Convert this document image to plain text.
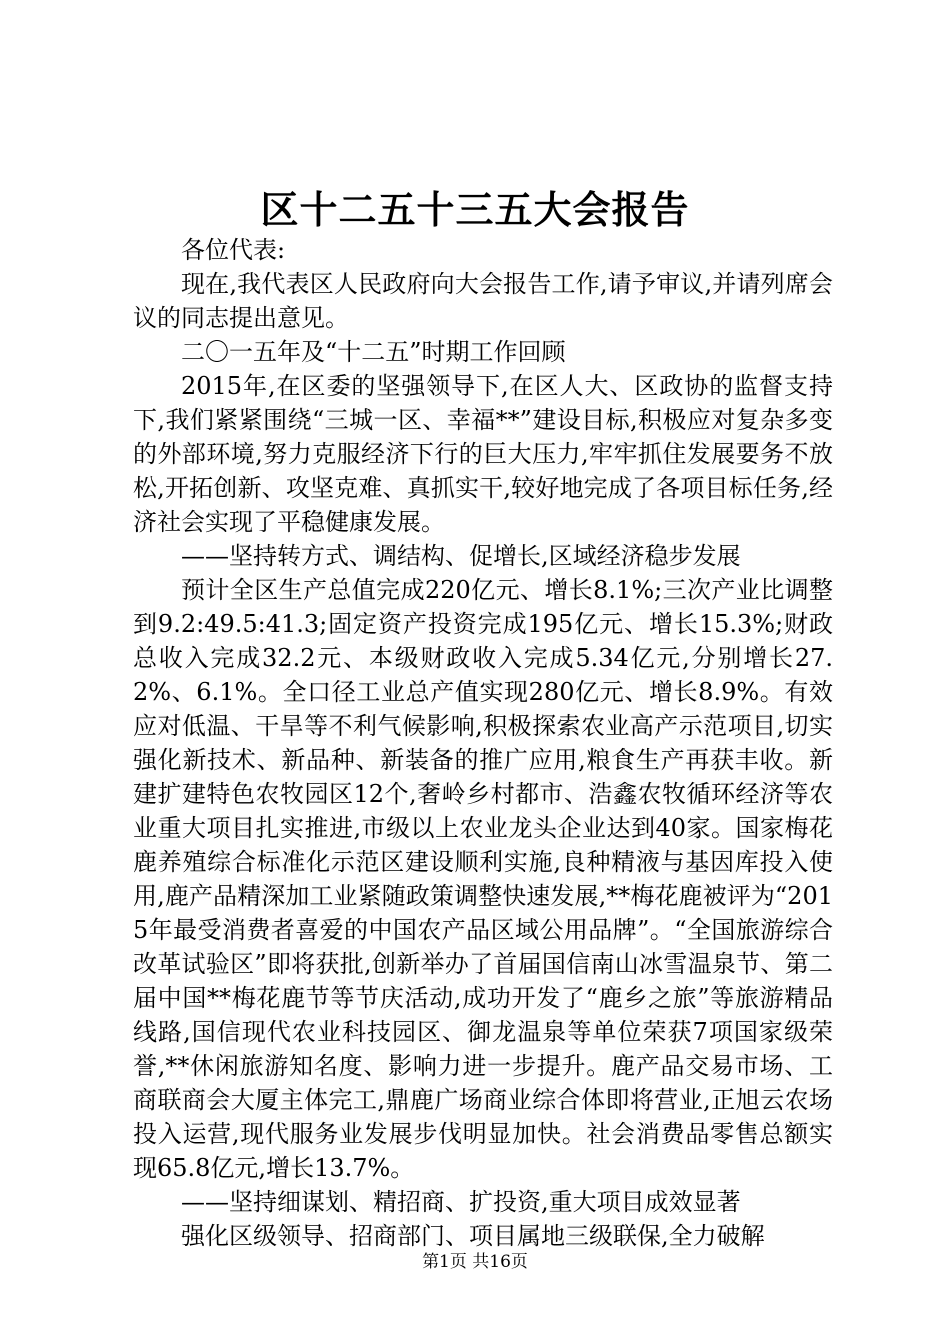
区十二五十三五大会报告

各位代表:

现在,我代表区人民政府向大会报告工作,请予审议,并请列席会议的同志提出意见。

二〇一五年及“十二五”时期工作回顾

2015年,在区委的坚强领导下,在区人大、区政协的监督支持下,我们紧紧围绕“三城一区、幸福**”建设目标,积极应对复杂多变的外部环境,努力克服经济下行的巨大压力,牢牢抓住发展要务不放松,开拓创新、攻坚克难、真抓实干,较好地完成了各项目标任务,经济社会实现了平稳健康发展。

——坚持转方式、调结构、促增长,区域经济稳步发展

预计全区生产总值完成220亿元、增长8.1%;三次产业比调整到9.2:49.5:41.3;固定资产投资完成195亿元、增长15.3%;财政总收入完成32.2元、本级财政收入完成5.34亿元,分别增长27.2%、6.1%。全口径工业总产值实现280亿元、增长8.9%。有效应对低温、干旱等不利气候影响,积极探索农业高产示范项目,切实强化新技术、新品种、新装备的推广应用,粮食生产再获丰收。新建扩建特色农牧园区12个,奢岭乡村都市、浩鑫农牧循环经济等农业重大项目扎实推进,市级以上农业龙头企业达到40家。国家梅花鹿养殖综合标准化示范区建设顺利实施,良种精液与基因库投入使用,鹿产品精深加工业紧随政策调整快速发展,**梅花鹿被评为“2015年最受消费者喜爱的中国农产品区域公用品牌”。“全国旅游综合改革试验区”即将获批,创新举办了首届国信南山冰雪温泉节、第二届中国**梅花鹿节等节庆活动,成功开发了“鹿乡之旅”等旅游精品线路,国信现代农业科技园区、御龙温泉等单位荣获7项国家级荣誉,**休闲旅游知名度、影响力进一步提升。鹿产品交易市场、工商联商会大厦主体完工,鼎鹿广场商业综合体即将营业,正旭云农场投入运营,现代服务业发展步伐明显加快。社会消费品零售总额实现65.8亿元,增长13.7%。

——坚持细谋划、精招商、扩投资,重大项目成效显著

强化区级领导、招商部门、项目属地三级联保,全力破解

第1页 共16页
